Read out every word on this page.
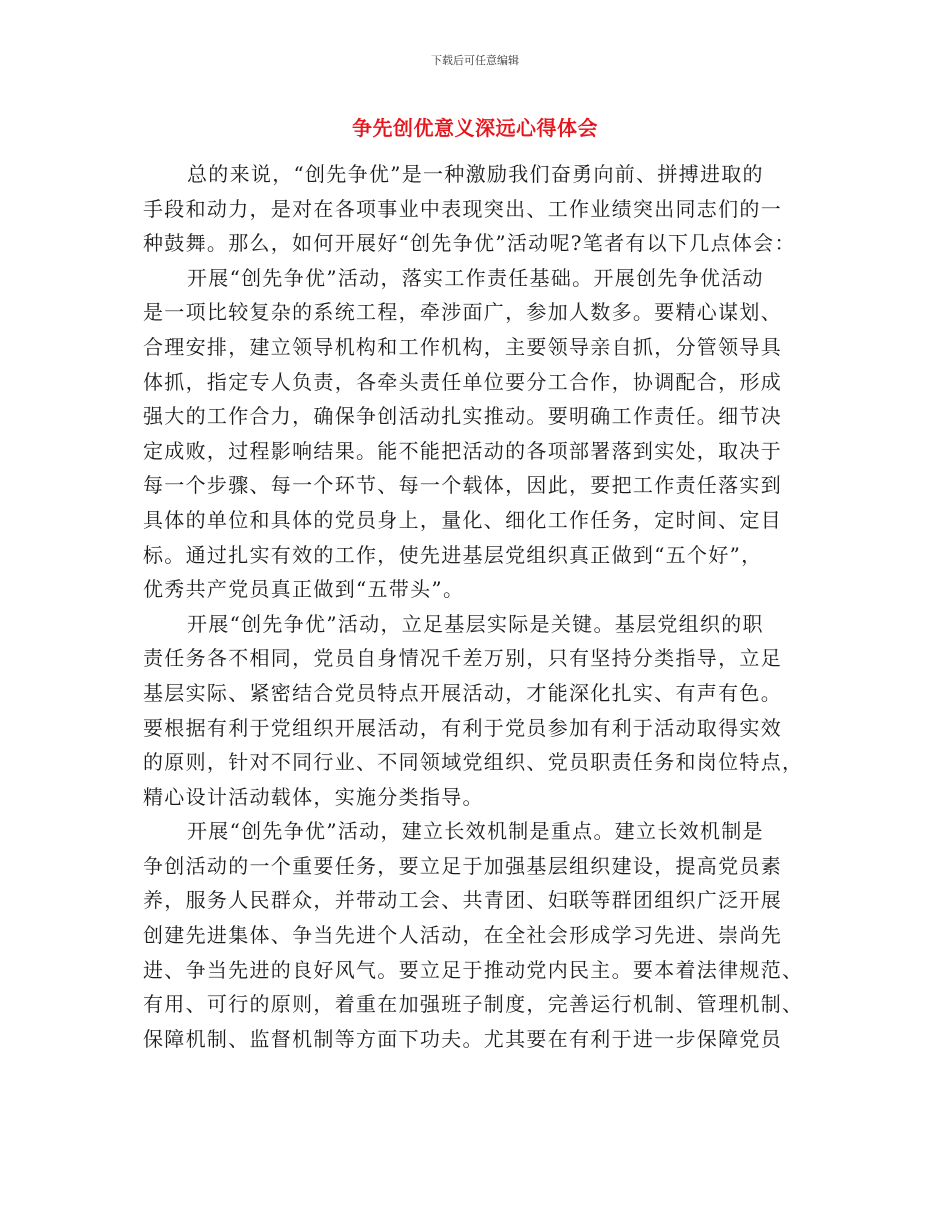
下载后可任意编辑
争先创优意义深远心得体会

总的来说，“创先争优”是一种激励我们奋勇向前、拼搏进取的
手段和动力，是对在各项事业中表现突出、工作业绩突出同志们的一
种鼓舞。那么，如何开展好“创先争优”活动呢?笔者有以下几点体会：

开展“创先争优”活动，落实工作责任基础。开展创先争优活动
是一项比较复杂的系统工程，牵涉面广，参加人数多。要精心谋划、
合理安排，建立领导机构和工作机构，主要领导亲自抓，分管领导具
体抓，指定专人负责，各牵头责任单位要分工合作，协调配合，形成
强大的工作合力，确保争创活动扎实推动。要明确工作责任。细节决
定成败，过程影响结果。能不能把活动的各项部署落到实处，取决于
每一个步骤、每一个环节、每一个载体，因此，要把工作责任落实到
具体的单位和具体的党员身上，量化、细化工作任务，定时间、定目
标。通过扎实有效的工作，使先进基层党组织真正做到“五个好”，
优秀共产党员真正做到“五带头”。

开展“创先争优”活动，立足基层实际是关键。基层党组织的职
责任务各不相同，党员自身情况千差万别，只有坚持分类指导，立足
基层实际、紧密结合党员特点开展活动，才能深化扎实、有声有色。
要根据有利于党组织开展活动，有利于党员参加有利于活动取得实效
的原则，针对不同行业、不同领域党组织、党员职责任务和岗位特点，
精心设计活动载体，实施分类指导。

开展“创先争优”活动，建立长效机制是重点。建立长效机制是
争创活动的一个重要任务，要立足于加强基层组织建设，提高党员素
养，服务人民群众，并带动工会、共青团、妇联等群团组织广泛开展
创建先进集体、争当先进个人活动，在全社会形成学习先进、崇尚先
进、争当先进的良好风气。要立足于推动党内民主。要本着法律规范、
有用、可行的原则，着重在加强班子制度，完善运行机制、管理机制、
保障机制、监督机制等方面下功夫。尤其要在有利于进一步保障党员
